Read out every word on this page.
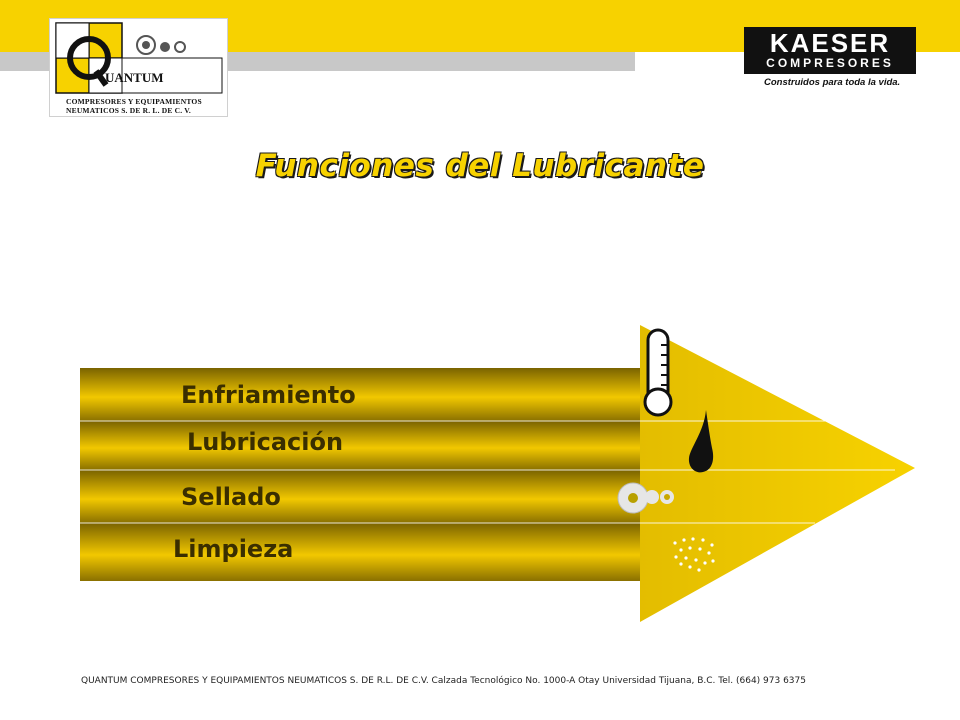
UANTUM
COMPRESORES Y EQUIPAMIENTOS
NEUMATICOS S. DE R. L. DE C. V.
KAESER
COMPRESORES
Construidos para toda la vida.
Funciones del Lubricante
Enfriamiento
Lubricación
Sellado
Limpieza
QUANTUM COMPRESORES Y EQUIPAMIENTOS NEUMATICOS S. DE R.L. DE C.V. Calzada Tecnológico No. 1000-A Otay Universidad Tijuana, B.C. Tel. (664) 973 6375
